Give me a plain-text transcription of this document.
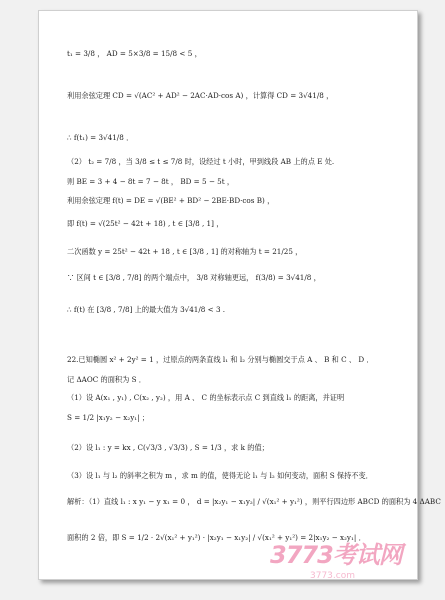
t₁ = 3/8 ， AD = 5×3/8 = 15/8 < 5 ，
利用余弦定理 CD = √(AC² + AD² − 2AC·AD·cos A) ，计算得 CD = 3√41/8 ，
∴ f(t₁) = 3√41/8 ．
（2） t₂ = 7/8 ，当 3/8 ≤ t ≤ 7/8 时，设经过 t 小时，甲到线段 AB 上的点 E 处.
则 BE = 3 + 4 − 8t = 7 − 8t ， BD = 5 − 5t ，
利用余弦定理 f(t) = DE = √(BE² + BD² − 2BE·BD·cos B) ，
即 f(t) = √(25t² − 42t + 18) , t ∈ [3/8 , 1] ，
二次函数 y = 25t² − 42t + 18 , t ∈ [3/8 , 1] 的对称轴为 t = 21/25 ，
∵ 区间 t ∈ [3/8 , 7/8] 的两个端点中， 3/8 对称轴更远， f(3/8) = 3√41/8 ，
∴ f(t) 在 [3/8 , 7/8] 上的最大值为 3√41/8 < 3 .
22.已知椭圆 x² + 2y² = 1 ，过原点的两条直线 l₁ 和 l₂ 分别与椭圆交于点 A 、 B 和 C 、 D ．
记 ΔAOC 的面积为 S ．
（1）设 A(x₁ , y₁) , C(x₂ , y₂) ，用 A 、 C 的坐标表示点 C 到直线 l₁ 的距离，并证明
S = 1/2 |x₁y₂ − x₂y₁| ；
（2）设 l₁ : y = kx , C(√3/3 , √3/3) , S = 1/3 ，求 k 的值；
（3）设 l₁ 与 l₂ 的斜率之积为 m ，求 m 的值，使得无论 l₁ 与 l₂ 如何变动，面积 S 保持不变．
解析：（1）直线 l₁ : x y₁ − y x₁ = 0 ， d = |x₂y₁ − x₁y₂| / √(x₁² + y₁²) ，则平行四边形 ABCD 的面积为 4 ΔABC
面积的 2 倍，即 S = 1/2 · 2√(x₁² + y₁²) · |x₂y₁ − x₁y₂| / √(x₁² + y₁²) = 2|x₁y₂ − x₂y₁| ．
3773考试网
3773.com
